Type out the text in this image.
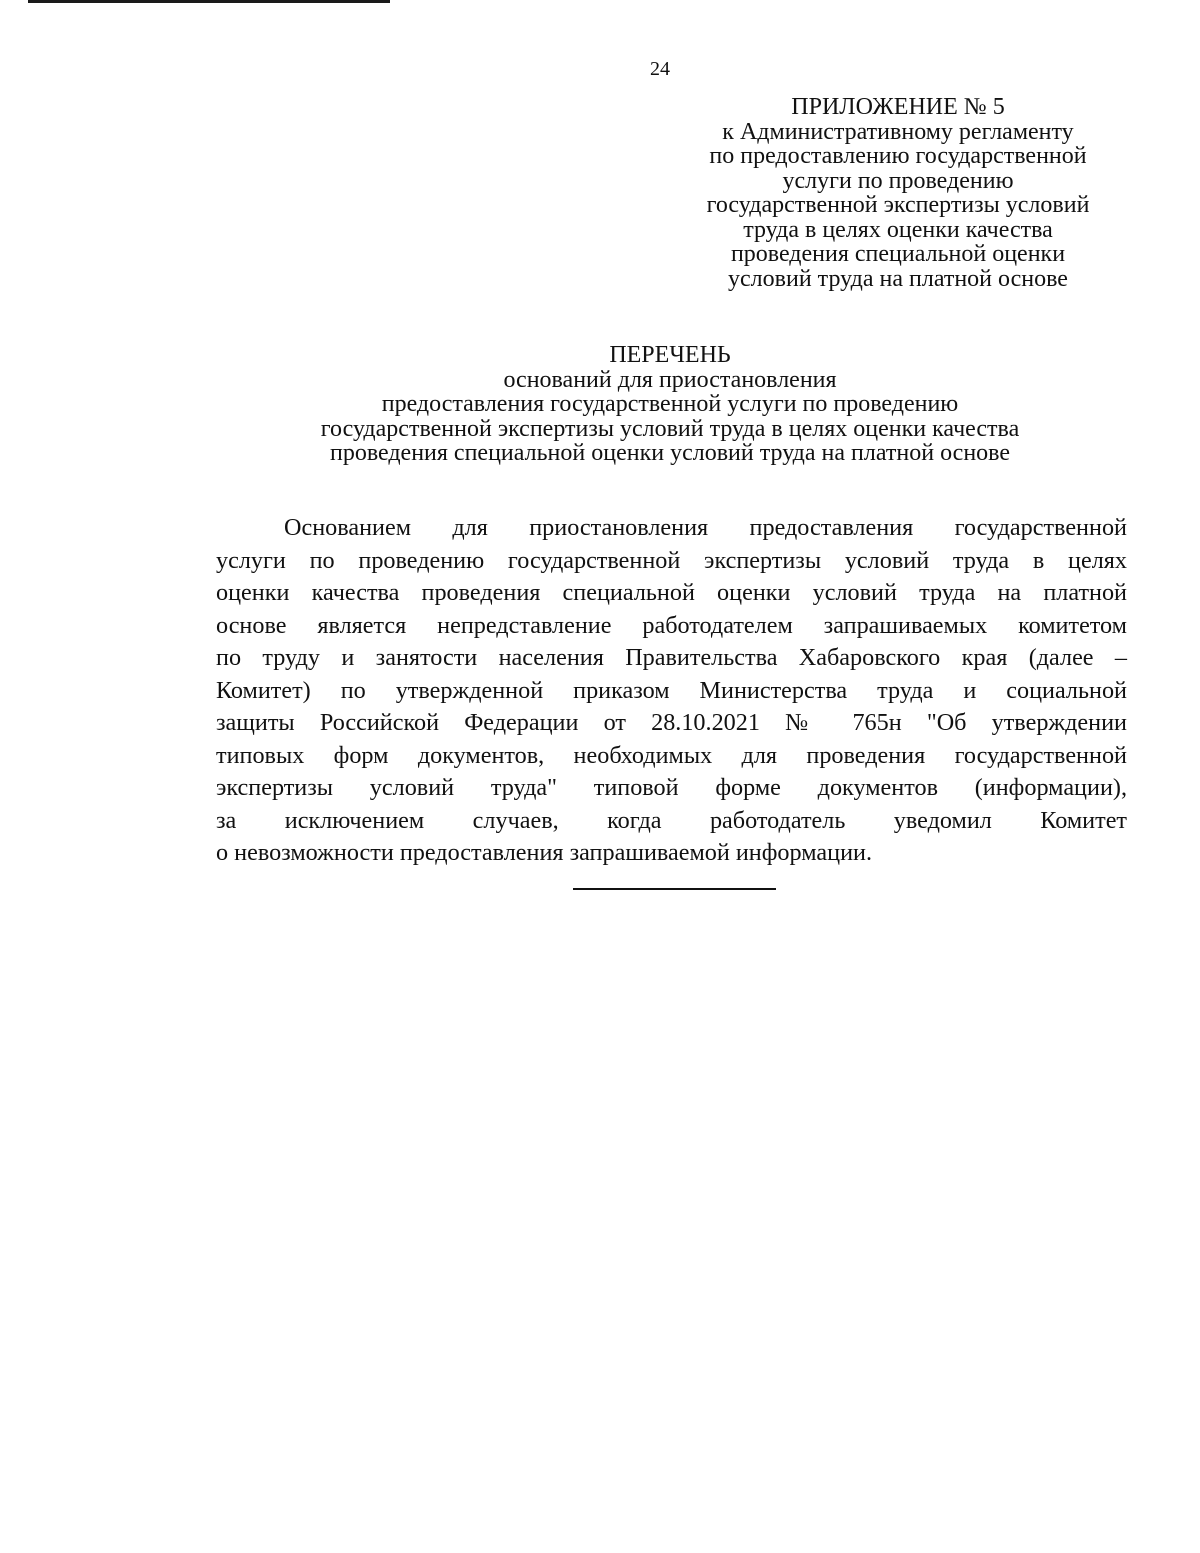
24
ПРИЛОЖЕНИЕ № 5
к Административному регламенту
по предоставлению государственной
услуги по проведению
государственной экспертизы условий
труда в целях оценки качества
проведения специальной оценки
условий труда на платной основе
ПЕРЕЧЕНЬ
оснований для приостановления
предоставления государственной услуги по проведению
государственной экспертизы условий труда в целях оценки качества
проведения специальной оценки условий труда на платной основе
Основанием для приостановления предоставления государственной
услуги по проведению государственной экспертизы условий труда в целях
оценки качества проведения специальной оценки условий труда на платной
основе является непредставление работодателем запрашиваемых комитетом
по труду и занятости населения Правительства Хабаровского края (далее –
Комитет) по утвержденной приказом Министерства труда и социальной
защиты Российской Федерации от 28.10.2021 № 765н "Об утверждении
типовых форм документов, необходимых для проведения государственной
экспертизы условий труда" типовой форме документов (информации),
за исключением случаев, когда работодатель уведомил Комитет
о невозможности предоставления запрашиваемой информации.
